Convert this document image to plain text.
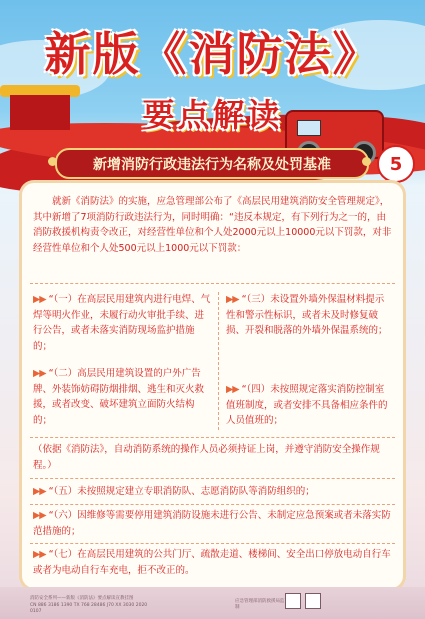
新版《消防法》
要点解读
新增消防行政违法行为名称及处罚基准	5

就新《消防法》的实施，应急管理部公布了《高层民用建筑消防安全管理规定》，其中新增了7项消防行政违法行为，同时明确：“违反本规定，有下列行为之一的，由消防救援机构责令改正，对经营性单位和个人处2000元以上10000元以下罚款，对非经营性单位和个人处500元以上1000元以下罚款：

▶▶ “（一）在高层民用建筑内进行电焊、气焊等明火作业，未履行动火审批手续、进行公告，或者未落实消防现场监护措施的；

▶▶ “（二）高层民用建筑设置的户外广告牌、外装饰妨碍防烟排烟、逃生和灭火救援，或者改变、破坏建筑立面防火结构的；

▶▶ “（三）未设置外墙外保温材料提示性和警示性标识，或者未及时修复破损、开裂和脱落的外墙外保温系统的；

▶▶ “（四）未按照规定落实消防控制室值班制度，或者安排不具备相应条件的人员值班的；

（依据《消防法》，自动消防系统的操作人员必须持证上岗，并遵守消防安全操作规程。）

▶▶ “（五）未按照规定建立专职消防队、志愿消防队等消防组织的；

▶▶ “（六）因维修等需要停用建筑消防设施未进行公告、未制定应急预案或者未落实防范措施的；

▶▶ “（七）在高层民用建筑的公共门厅、疏散走道、楼梯间、安全出口停放电动自行车或者为电动自行车充电，拒不改正的。

消防安全系列——新版《消防法》要点解读宣教挂图
CN 886 3186 1390 TX 768 28486 J70 XX 3030 2020 0107
应急管理部消防救援局监制
